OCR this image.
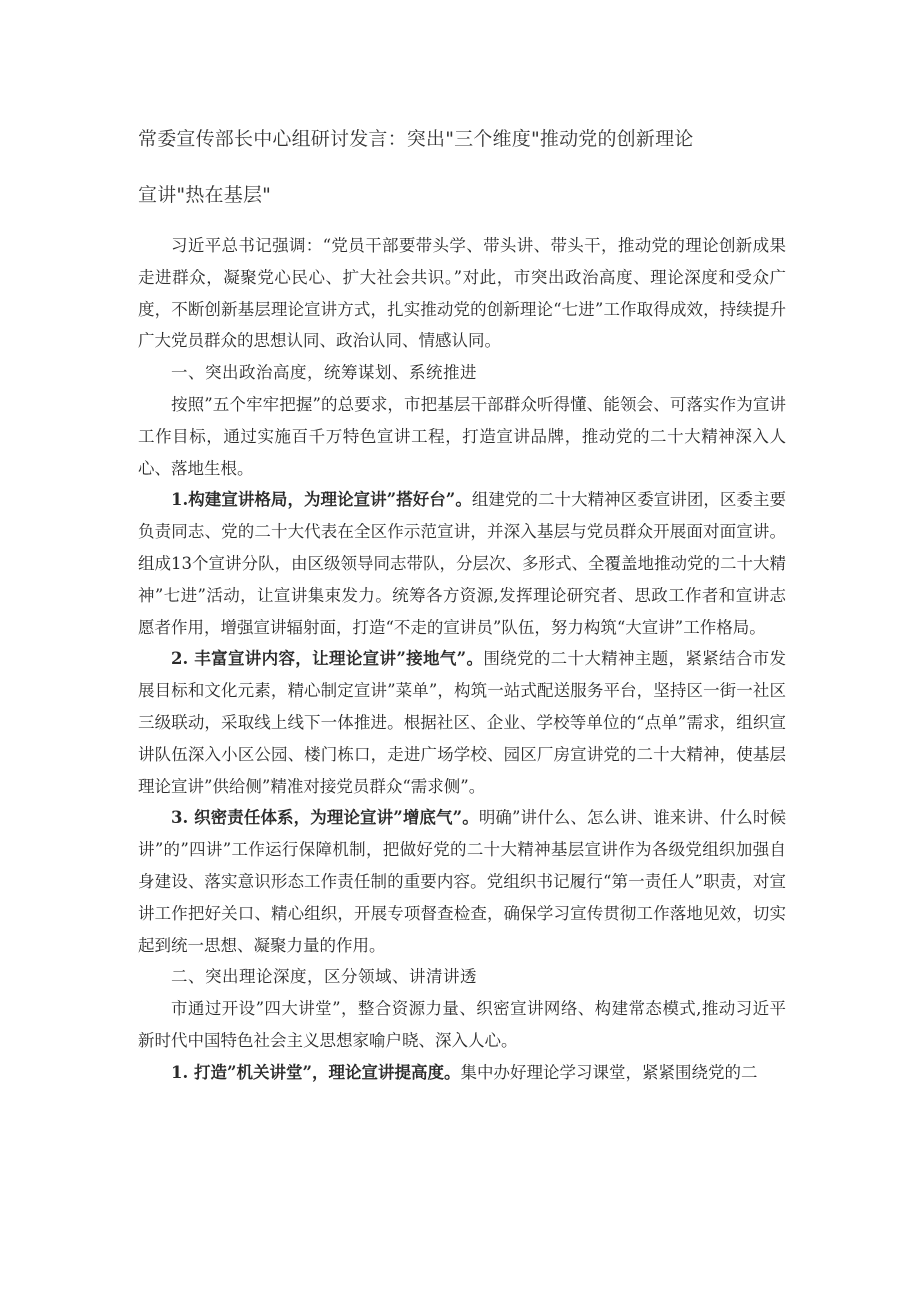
常委宣传部长中心组研讨发言：突出"三个维度"推动党的创新理论
宣讲"热在基层"

习近平总书记强调：“党员干部要带头学、带头讲、带头干，推动党的理论创新成果走进群众，凝聚党心民心、扩大社会共识。”对此，市突出政治高度、理论深度和受众广度，不断创新基层理论宣讲方式，扎实推动党的创新理论“七进”工作取得成效，持续提升广大党员群众的思想认同、政治认同、情感认同。

一、突出政治高度，统筹谋划、系统推进

按照”五个牢牢把握”的总要求，市把基层干部群众听得懂、能领会、可落实作为宣讲工作目标，通过实施百千万特色宣讲工程，打造宣讲品牌，推动党的二十大精神深入人心、落地生根。

1.构建宣讲格局，为理论宣讲”搭好台”。组建党的二十大精神区委宣讲团，区委主要负责同志、党的二十大代表在全区作示范宣讲，并深入基层与党员群众开展面对面宣讲。组成13个宣讲分队，由区级领导同志带队，分层次、多形式、全覆盖地推动党的二十大精神”七进”活动，让宣讲集束发力。统筹各方资源,发挥理论研究者、思政工作者和宣讲志愿者作用，增强宣讲辐射面，打造“不走的宣讲员”队伍，努力构筑“大宣讲”工作格局。

2. 丰富宣讲内容，让理论宣讲”接地气”。围绕党的二十大精神主题，紧紧结合市发展目标和文化元素，精心制定宣讲”菜单”，构筑一站式配送服务平台，坚持区一街一社区三级联动，采取线上线下一体推进。根据社区、企业、学校等单位的“点单”需求，组织宣讲队伍深入小区公园、楼门栋口，走进广场学校、园区厂房宣讲党的二十大精神，使基层理论宣讲”供给侧”精准对接党员群众“需求侧”。

3. 织密责任体系，为理论宣讲”增底气”。明确”讲什么、怎么讲、谁来讲、什么时候讲”的”四讲”工作运行保障机制，把做好党的二十大精神基层宣讲作为各级党组织加强自身建设、落实意识形态工作责任制的重要内容。党组织书记履行“第一责任人”职责，对宣讲工作把好关口、精心组织，开展专项督查检查，确保学习宣传贯彻工作落地见效，切实起到统一思想、凝聚力量的作用。

二、突出理论深度，区分领域、讲清讲透

市通过开设”四大讲堂”，整合资源力量、织密宣讲网络、构建常态模式,推动习近平新时代中国特色社会主义思想家喻户晓、深入人心。

1. 打造”机关讲堂”，理论宣讲提高度。集中办好理论学习课堂，紧紧围绕党的二
